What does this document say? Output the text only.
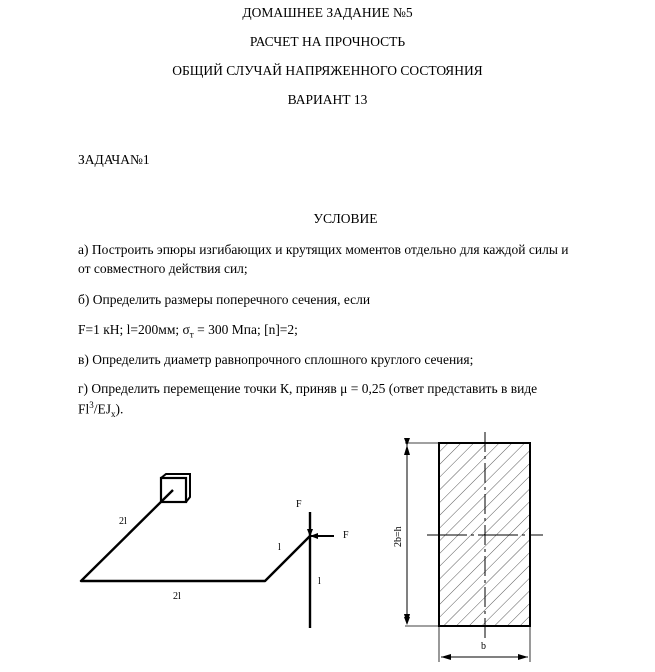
ДОМАШНЕЕ ЗАДАНИЕ №5
РАСЧЕТ НА ПРОЧНОСТЬ
ОБЩИЙ СЛУЧАЙ НАПРЯЖЕННОГО СОСТОЯНИЯ
ВАРИАНТ 13
ЗАДАЧА№1
УСЛОВИЕ
а) Построить эпюры изгибающих и крутящих моментов отдельно для каждой силы и
от совместного действия сил;
б) Определить размеры поперечного сечения, если
F=1 кН; l=200мм; $\sigma_т = 300$ Мпа; [n]=2;
в) Определить диаметр равнопрочного сплошного круглого сечения;
г) Определить перемещение точки К, приняв μ = 0,25 (ответ представить в виде
$Fl^3/EJ_x$).
2l
2l
l
l
F
F	2b=h
b
